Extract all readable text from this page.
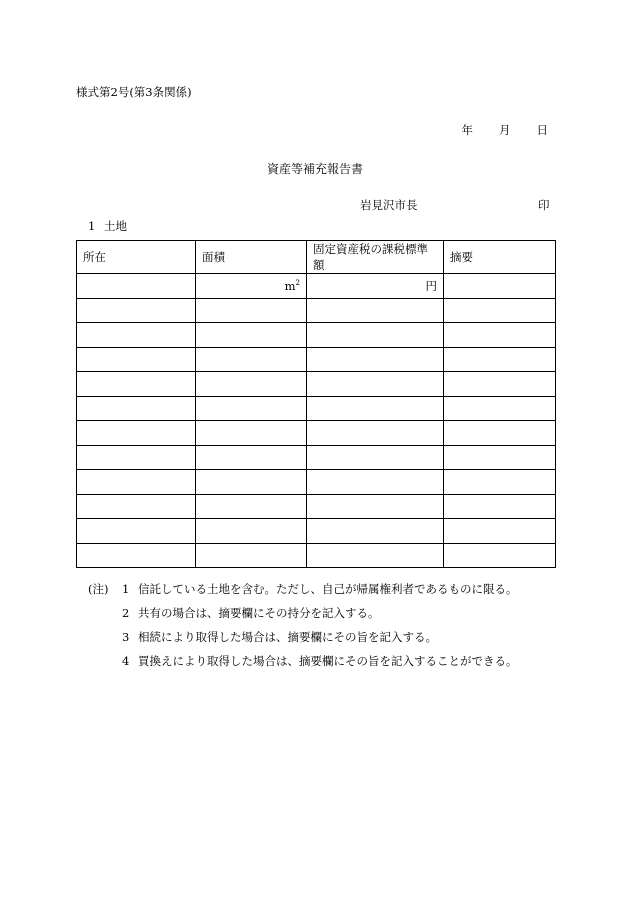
様式第2号(第3条関係)
年 月 日
資産等補充報告書
岩見沢市長	印
1 土地
所在	面積	固定資産税の課税標準額	摘要
	$m^2$	円	

(注) 1 信託している土地を含む。ただし、自己が帰属権利者であるものに限る。
2 共有の場合は、摘要欄にその持分を記入する。
3 相続により取得した場合は、摘要欄にその旨を記入する。
4 買換えにより取得した場合は、摘要欄にその旨を記入することができる。
